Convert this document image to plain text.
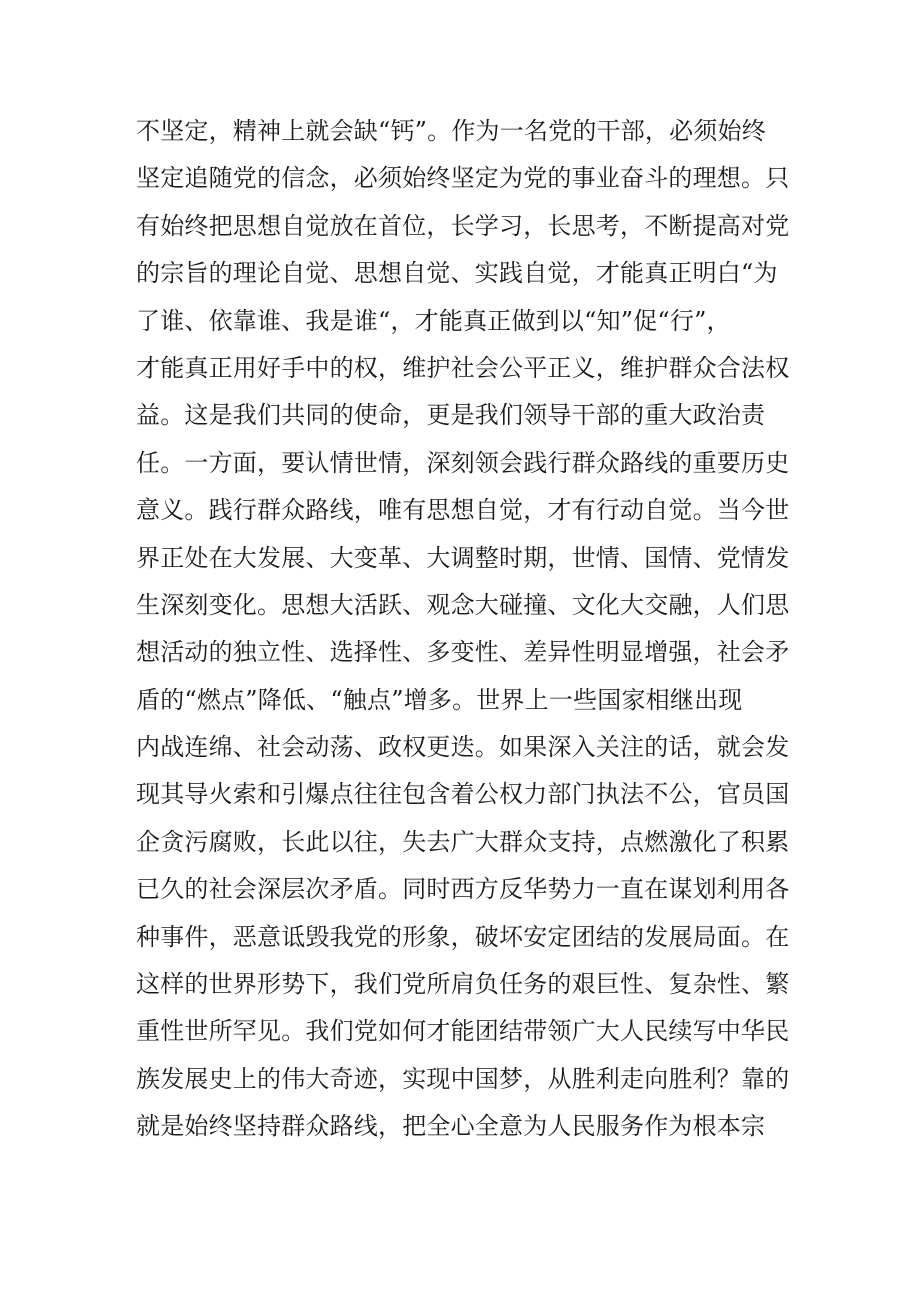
不坚定，精神上就会缺“钙”。作为一名党的干部，必须始终
坚定追随党的信念，必须始终坚定为党的事业奋斗的理想。只
有始终把思想自觉放在首位，长学习，长思考，不断提高对党
的宗旨的理论自觉、思想自觉、实践自觉，才能真正明白“为
了谁、依靠谁、我是谁“，才能真正做到以“知”促“行”，
才能真正用好手中的权，维护社会公平正义，维护群众合法权
益。这是我们共同的使命，更是我们领导干部的重大政治责
任。一方面，要认情世情，深刻领会践行群众路线的重要历史
意义。践行群众路线，唯有思想自觉，才有行动自觉。当今世
界正处在大发展、大变革、大调整时期，世情、国情、党情发
生深刻变化。思想大活跃、观念大碰撞、文化大交融，人们思
想活动的独立性、选择性、多变性、差异性明显增强，社会矛
盾的“燃点”降低、“触点”增多。世界上一些国家相继出现
内战连绵、社会动荡、政权更迭。如果深入关注的话，就会发
现其导火索和引爆点往往包含着公权力部门执法不公，官员国
企贪污腐败，长此以往，失去广大群众支持，点燃激化了积累
已久的社会深层次矛盾。同时西方反华势力一直在谋划利用各
种事件，恶意诋毁我党的形象，破坏安定团结的发展局面。在
这样的世界形势下，我们党所肩负任务的艰巨性、复杂性、繁
重性世所罕见。我们党如何才能团结带领广大人民续写中华民
族发展史上的伟大奇迹，实现中国梦，从胜利走向胜利？靠的
就是始终坚持群众路线，把全心全意为人民服务作为根本宗
